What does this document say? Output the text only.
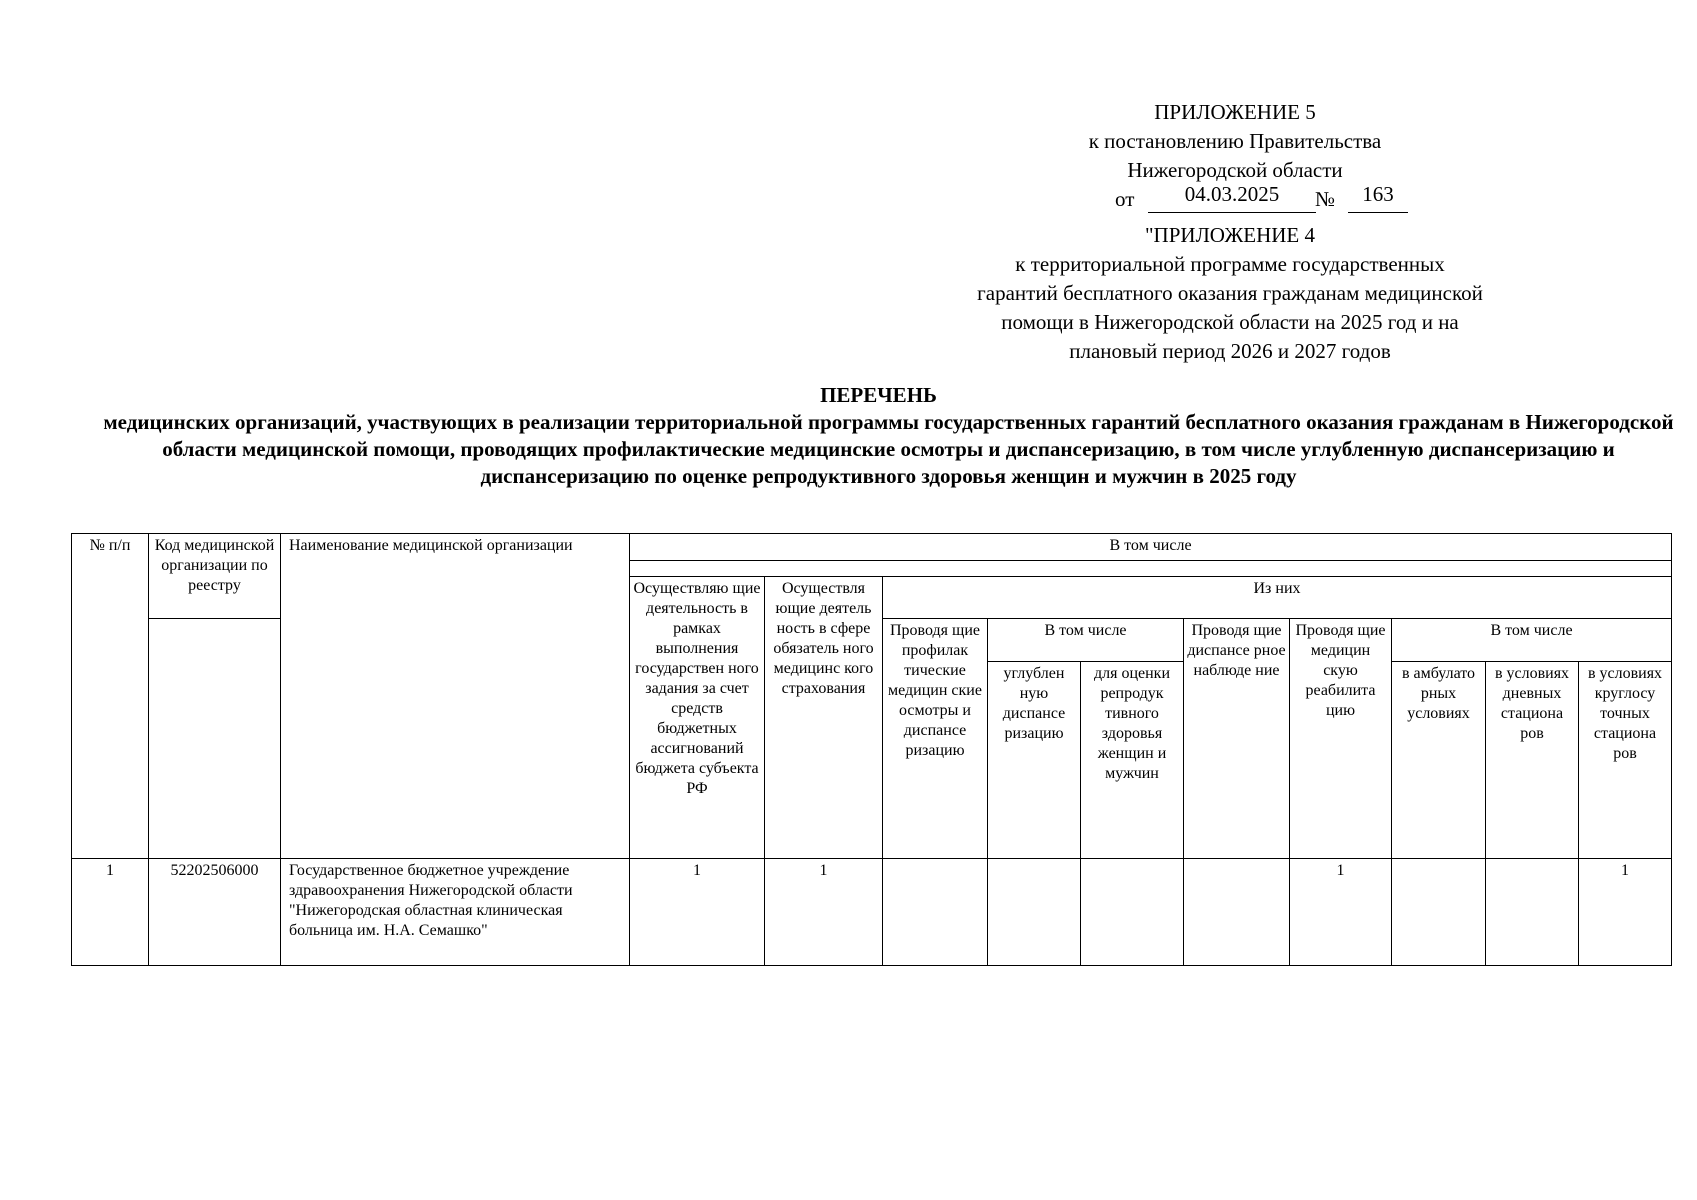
ПРИЛОЖЕНИЕ 5
к постановлению Правительства
Нижегородской области
от	04.03.2025	№	163
"ПРИЛОЖЕНИЕ 4
к территориальной программе государственных
гарантий бесплатного оказания гражданам медицинской
помощи в Нижегородской области на 2025 год и на
плановый период 2026 и 2027 годов
ПЕРЕЧЕНЬ
медицинских организаций, участвующих в реализации территориальной программы государственных гарантий бесплатного оказания гражданам в Нижегородской области медицинской помощи, проводящих профилактические медицинские осмотры и диспансеризацию, в том числе углубленную диспансеризацию и диспансеризацию по оценке репродуктивного здоровья женщин и мужчин в 2025 году
№ п/п	Код медицинской организации по реестру	Наименование медицинской организации	В том числе									

			Осуществляю щие деятельность в рамках выполнения государствен ного задания за счет средств бюджетных ассигнований бюджета субъекта РФ	Осуществля ющие деятель ность в сфере обязатель ного медицинс кого страхования	Из них							
					Проводя щие профилак тические медицин ские осмотры и диспансе ризацию	В том числе		Проводя щие диспансе рное наблюде ние	Проводя щие медицин скую реабилита цию	В том числе		

						углублен ную диспансе ризацию	для оценки репродук тивного здоровья женщин и мужчин			в амбулато рных условиях	в условиях дневных стациона ров	в условиях круглосу точных стациона ров

1	52202506000	Государственное бюджетное учреждение здравоохранения Нижегородской области "Нижегородская областная клиническая больница им. Н.А. Семашко"	1	1					1			1
